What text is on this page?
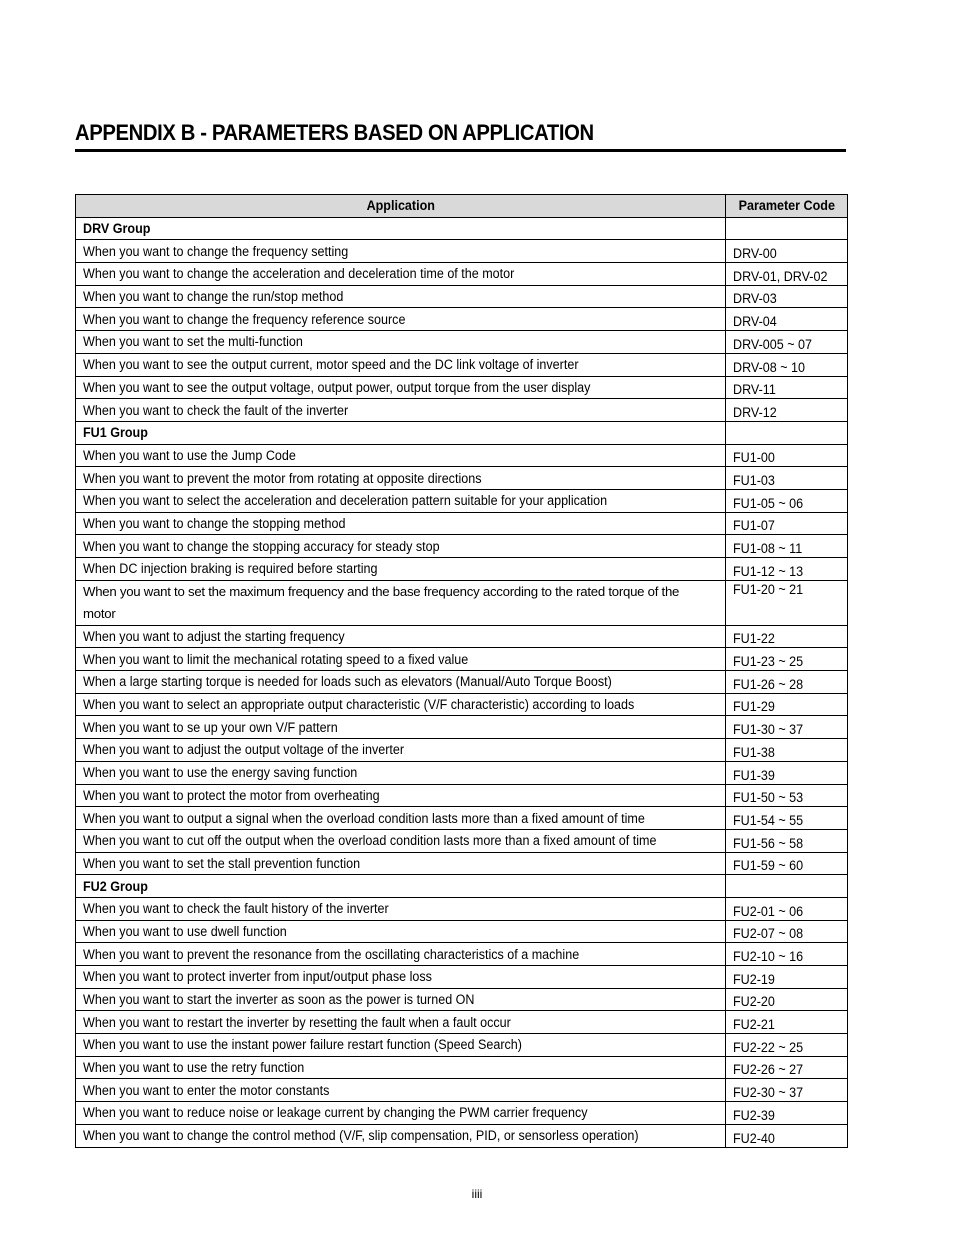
APPENDIX B - PARAMETERS BASED ON APPLICATION
Application	Parameter Code
DRV Group	
When you want to change the frequency setting	DRV-00
When you want to change the acceleration and deceleration time of the motor	DRV-01, DRV-02
When you want to change the run/stop method	DRV-03
When you want to change the frequency reference source	DRV-04
When you want to set the multi-function	DRV-005 ~ 07
When you want to see the output current, motor speed and the DC link voltage of inverter	DRV-08 ~ 10
When you want to see the output voltage, output power, output torque from the user display	DRV-11
When you want to check the fault of the inverter	DRV-12
FU1 Group	
When you want to use the Jump Code	FU1-00
When you want to prevent the motor from rotating at opposite directions	FU1-03
When you want to select the acceleration and deceleration pattern suitable for your application	FU1-05 ~ 06
When you want to change the stopping method	FU1-07
When you want to change the stopping accuracy for steady stop	FU1-08 ~ 11
When DC injection braking is required before starting	FU1-12 ~ 13

When you want to set the maximum frequency and the base frequency according to the rated torque of the motor	FU1-20 ~ 21
When you want to adjust the starting frequency	FU1-22
When you want to limit the mechanical rotating speed to a fixed value	FU1-23 ~ 25
When a large starting torque is needed for loads such as elevators (Manual/Auto Torque Boost)	FU1-26 ~ 28
When you want to select an appropriate output characteristic (V/F characteristic) according to loads	FU1-29
When you want to se up your own V/F pattern	FU1-30 ~ 37
When you want to adjust the output voltage of the inverter	FU1-38
When you want to use the energy saving function	FU1-39
When you want to protect the motor from overheating	FU1-50 ~ 53
When you want to output a signal when the overload condition lasts more than a fixed amount of time	FU1-54 ~ 55
When you want to cut off the output when the overload condition lasts more than a fixed amount of time	FU1-56 ~ 58
When you want to set the stall prevention function	FU1-59 ~ 60
FU2 Group	
When you want to check the fault history of the inverter	FU2-01 ~ 06
When you want to use dwell function	FU2-07 ~ 08
When you want to prevent the resonance from the oscillating characteristics of a machine	FU2-10 ~ 16
When you want to protect inverter from input/output phase loss	FU2-19
When you want to start the inverter as soon as the power is turned ON	FU2-20
When you want to restart the inverter by resetting the fault when a fault occur	FU2-21
When you want to use the instant power failure restart function (Speed Search)	FU2-22 ~ 25
When you want to use the retry function	FU2-26 ~ 27
When you want to enter the motor constants	FU2-30 ~ 37
When you want to reduce noise or leakage current by changing the PWM carrier frequency	FU2-39
When you want to change the control method (V/F, slip compensation, PID, or sensorless operation)	FU2-40
iiii
